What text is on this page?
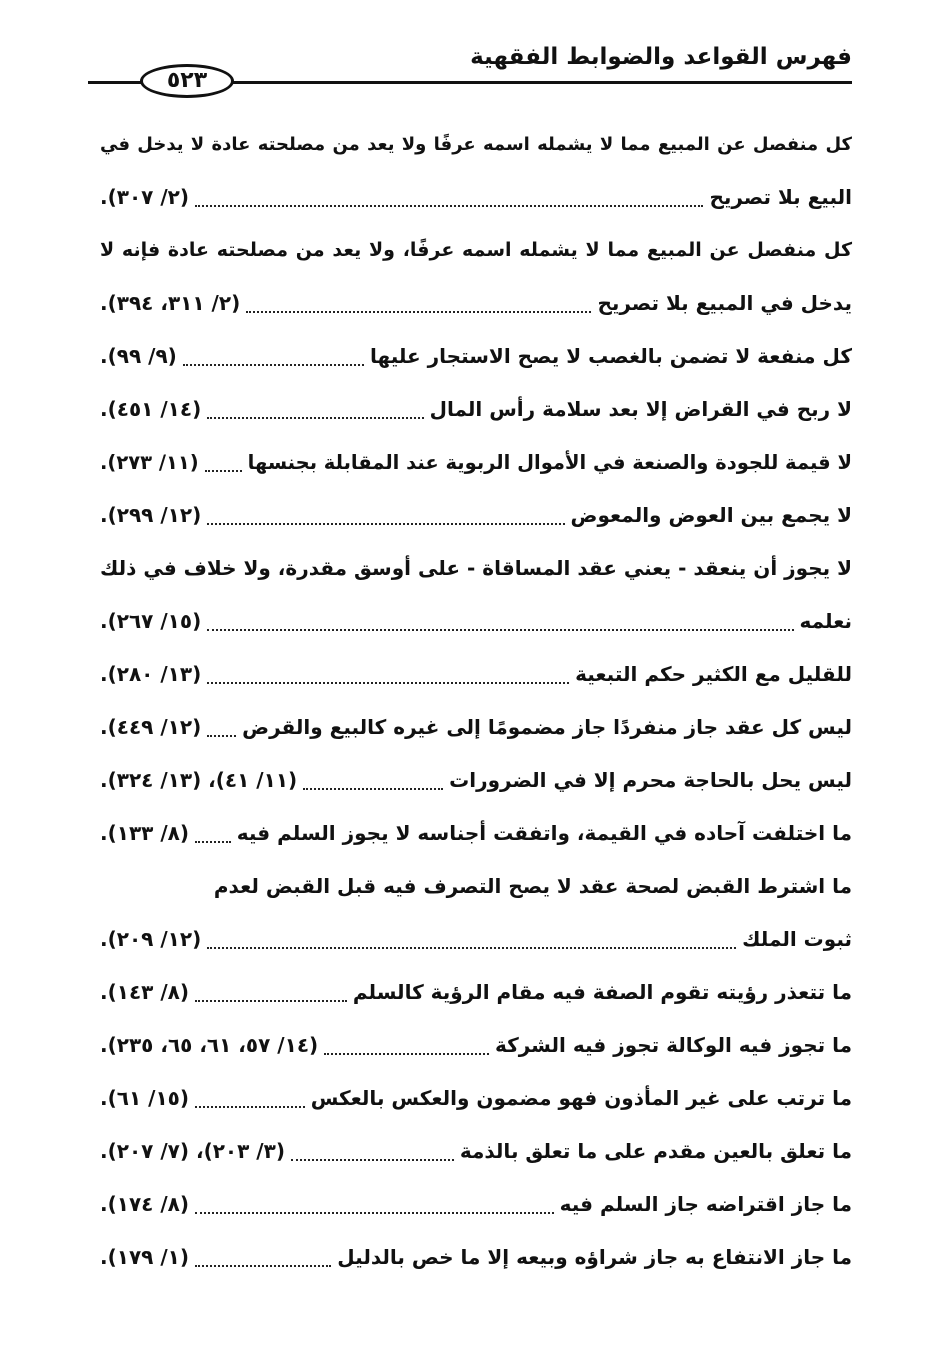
فهرس القواعد والضوابط الفقهية
٥٢٣
كل منفصل عن المبيع مما لا يشمله اسمه عرفًا ولا يعد من مصلحته عادة لا يدخل في
البيع بلا تصريح
(٢/ ٣٠٧).
كل منفصل عن المبيع مما لا يشمله اسمه عرفًا، ولا يعد من مصلحته عادة فإنه لا
يدخل في المبيع بلا تصريح
(٢/ ٣١١، ٣٩٤).
كل منفعة لا تضمن بالغصب لا يصح الاستجار عليها
(٩/ ٩٩).
لا ربح في القراض إلا بعد سلامة رأس المال
(١٤/ ٤٥١).
لا قيمة للجودة والصنعة في الأموال الربوية عند المقابلة بجنسها
(١١/ ٢٧٣).
لا يجمع بين العوض والمعوض
(١٢/ ٢٩٩).
لا يجوز أن ينعقد - يعني عقد المساقاة - على أوسق مقدرة، ولا خلاف في ذلك
نعلمه
(١٥/ ٢٦٧).
للقليل مع الكثير حكم التبعية
(١٣/ ٢٨٠).
ليس كل عقد جاز منفردًا جاز مضمومًا إلى غيره كالبيع والقرض
(١٢/ ٤٤٩).
ليس يحل بالحاجة محرم إلا في الضرورات
(١١/ ٤١)، (١٣/ ٣٢٤).
ما اختلفت آحاده في القيمة، واتفقت أجناسه لا يجوز السلم فيه
(٨/ ١٣٣).
ما اشترط القبض لصحة عقد لا يصح التصرف فيه قبل القبض لعدم
ثبوت الملك
(١٢/ ٢٠٩).
ما تتعذر رؤيته تقوم الصفة فيه مقام الرؤية كالسلم
(٨/ ١٤٣).
ما تجوز فيه الوكالة تجوز فيه الشركة
(١٤/ ٥٧، ٦١، ٦٥، ٢٣٥).
ما ترتب على غير المأذون فهو مضمون والعكس بالعكس
(١٥/ ٦١).
ما تعلق بالعين مقدم على ما تعلق بالذمة
(٣/ ٢٠٣)، (٧/ ٢٠٧).
ما جاز اقتراضه جاز السلم فيه
(٨/ ١٧٤).
ما جاز الانتفاع به جاز شراؤه وبيعه إلا ما خص بالدليل
(١/ ١٧٩).
